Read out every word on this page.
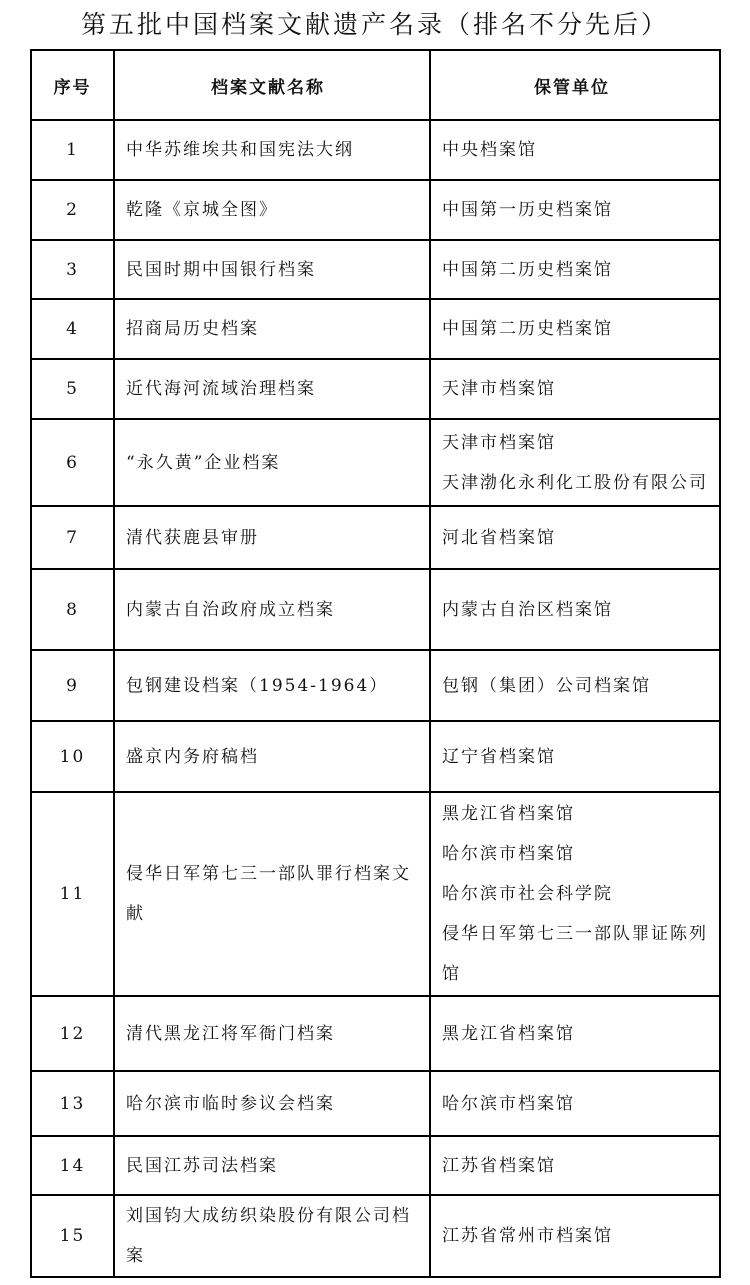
第五批中国档案文献遗产名录（排名不分先后）
序号	档案文献名称	保管单位
1	中华苏维埃共和国宪法大纲	中央档案馆

2	乾隆《京城全图》	中国第一历史档案馆

3	民国时期中国银行档案	中国第二历史档案馆

4	招商局历史档案	中国第二历史档案馆

5	近代海河流域治理档案	天津市档案馆

6	“永久黄”企业档案	天津市档案馆
天津渤化永利化工股份有限公司

7	清代获鹿县审册	河北省档案馆

8	内蒙古自治政府成立档案	内蒙古自治区档案馆

9	包钢建设档案（1954-1964）	包钢（集团）公司档案馆

10	盛京内务府稿档	辽宁省档案馆

11	侵华日军第七三一部队罪行档案文献	黑龙江省档案馆
哈尔滨市档案馆
哈尔滨市社会科学院
侵华日军第七三一部队罪证陈列馆

12	清代黑龙江将军衙门档案	黑龙江省档案馆

13	哈尔滨市临时参议会档案	哈尔滨市档案馆

14	民国江苏司法档案	江苏省档案馆

15	刘国钧大成纺织染股份有限公司档案	江苏省常州市档案馆
